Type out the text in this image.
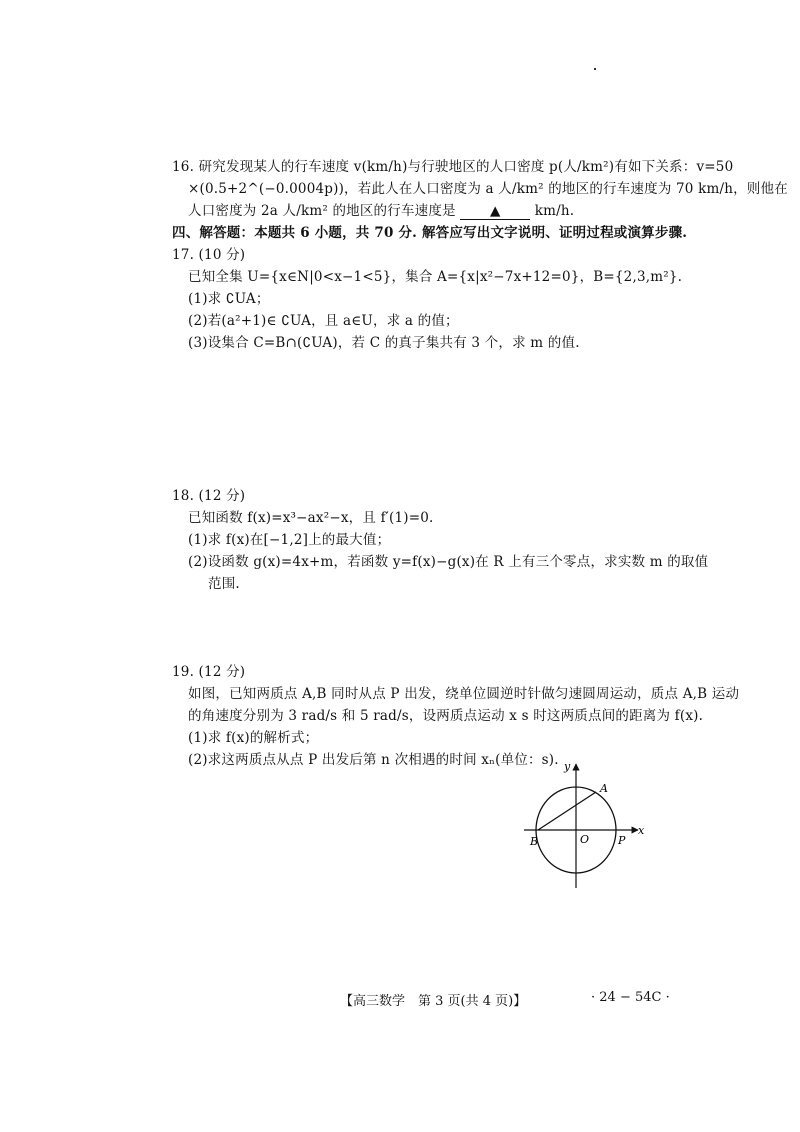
16. 研究发现某人的行车速度 v(km/h)与行驶地区的人口密度 p(人/km²)有如下关系：v=50
×(0.5+2^(−0.0004p))，若此人在人口密度为 a 人/km² 的地区的行车速度为 70 km/h，则他在
人口密度为 2a 人/km² 的地区的行车速度是	▲	km/h.
四、解答题：本题共 6 小题，共 70 分. 解答应写出文字说明、证明过程或演算步骤.
17. (10 分)
已知全集 U={x∈N|0<x−1<5}，集合 A={x|x²−7x+12=0}，B={2,3,m²}.
(1)求 ∁UA；
(2)若(a²+1)∈ ∁UA，且 a∈U，求 a 的值；
(3)设集合 C=B∩(∁UA)，若 C 的真子集共有 3 个，求 m 的值.
18. (12 分)
已知函数 f(x)=x³−ax²−x，且 f′(1)=0.
(1)求 f(x)在[−1,2]上的最大值；
(2)设函数 g(x)=4x+m，若函数 y=f(x)−g(x)在 R 上有三个零点，求实数 m 的取值
范围.
19. (12 分)
如图，已知两质点 A,B 同时从点 P 出发，绕单位圆逆时针做匀速圆周运动，质点 A,B 运动
的角速度分别为 3 rad/s 和 5 rad/s，设两质点运动 x s 时这两质点间的距离为 f(x).
(1)求 f(x)的解析式；
(2)求这两质点从点 P 出发后第 n 次相遇的时间 xₙ(单位：s).
x
y
A
B	O	P
【高三数学　第 3 页(共 4 页)】	· 24 − 54C ·
